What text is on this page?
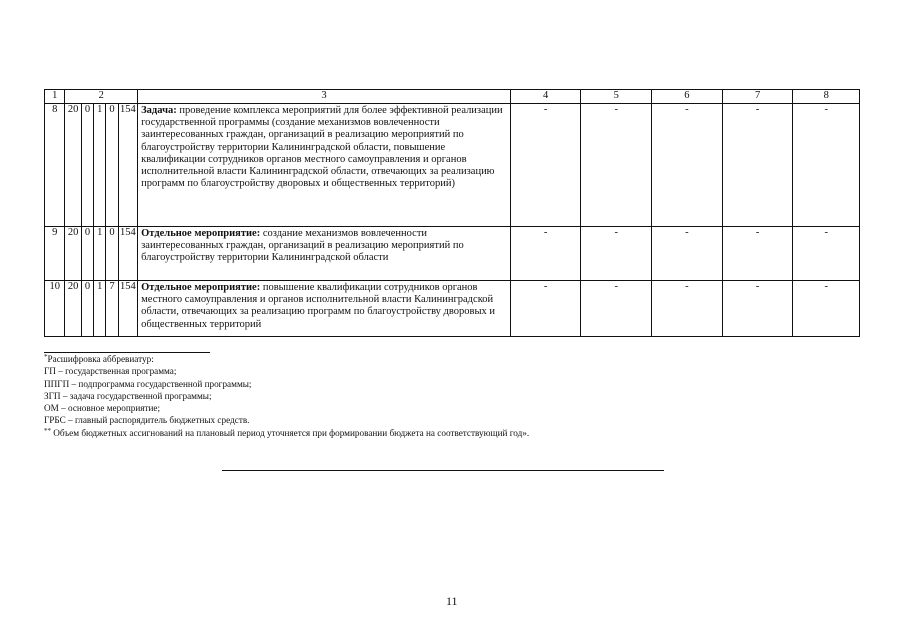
1	2					3	4	5	6	7	8
8	20	0	1	0	154	Задача: проведение комплекса мероприятий для более эффективной реализации государственной программы (создание механизмов вовлеченности заинтересованных граждан, организаций в реализацию мероприятий по благоустройству территории Калининградской области, повышение квалификации сотрудников органов местного самоуправления и органов исполнительной власти Калининградской области, отвечающих за реализацию программ по благоустройству дворовых и общественных территорий)	-	-	-	-	-
9	20	0	1	0	154	Отдельное мероприятие: создание механизмов вовлеченности заинтересованных граждан, организаций в реализацию мероприятий по благоустройству территории Калининградской области	-	-	-	-	-
10	20	0	1	7	154	Отдельное мероприятие: повышение квалификации сотрудников органов местного самоуправления и органов исполнительной власти Калининградской области, отвечающих за реализацию программ по благоустройству дворовых и общественных территорий	-	-	-	-	-
*Расшифровка аббревиатур:
ГП – государственная программа;
ППГП – подпрограмма государственной программы;
ЗГП – задача государственной программы;
ОМ – основное мероприятие;
ГРБС – главный распорядитель бюджетных средств.
** Объем бюджетных ассигнований на плановый период уточняется при формировании бюджета на соответствующий год».
11
